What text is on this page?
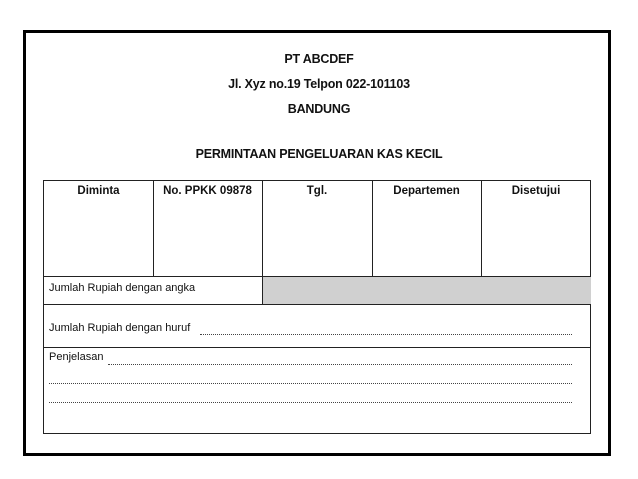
PT ABCDEF
Jl. Xyz no.19 Telpon 022-101103
BANDUNG
PERMINTAAN PENGELUARAN KAS KECIL
Diminta	No. PPKK 09878	Tgl.	Departemen	Disetujui
Jumlah Rupiah dengan angka
Jumlah Rupiah dengan huruf
Penjelasan
